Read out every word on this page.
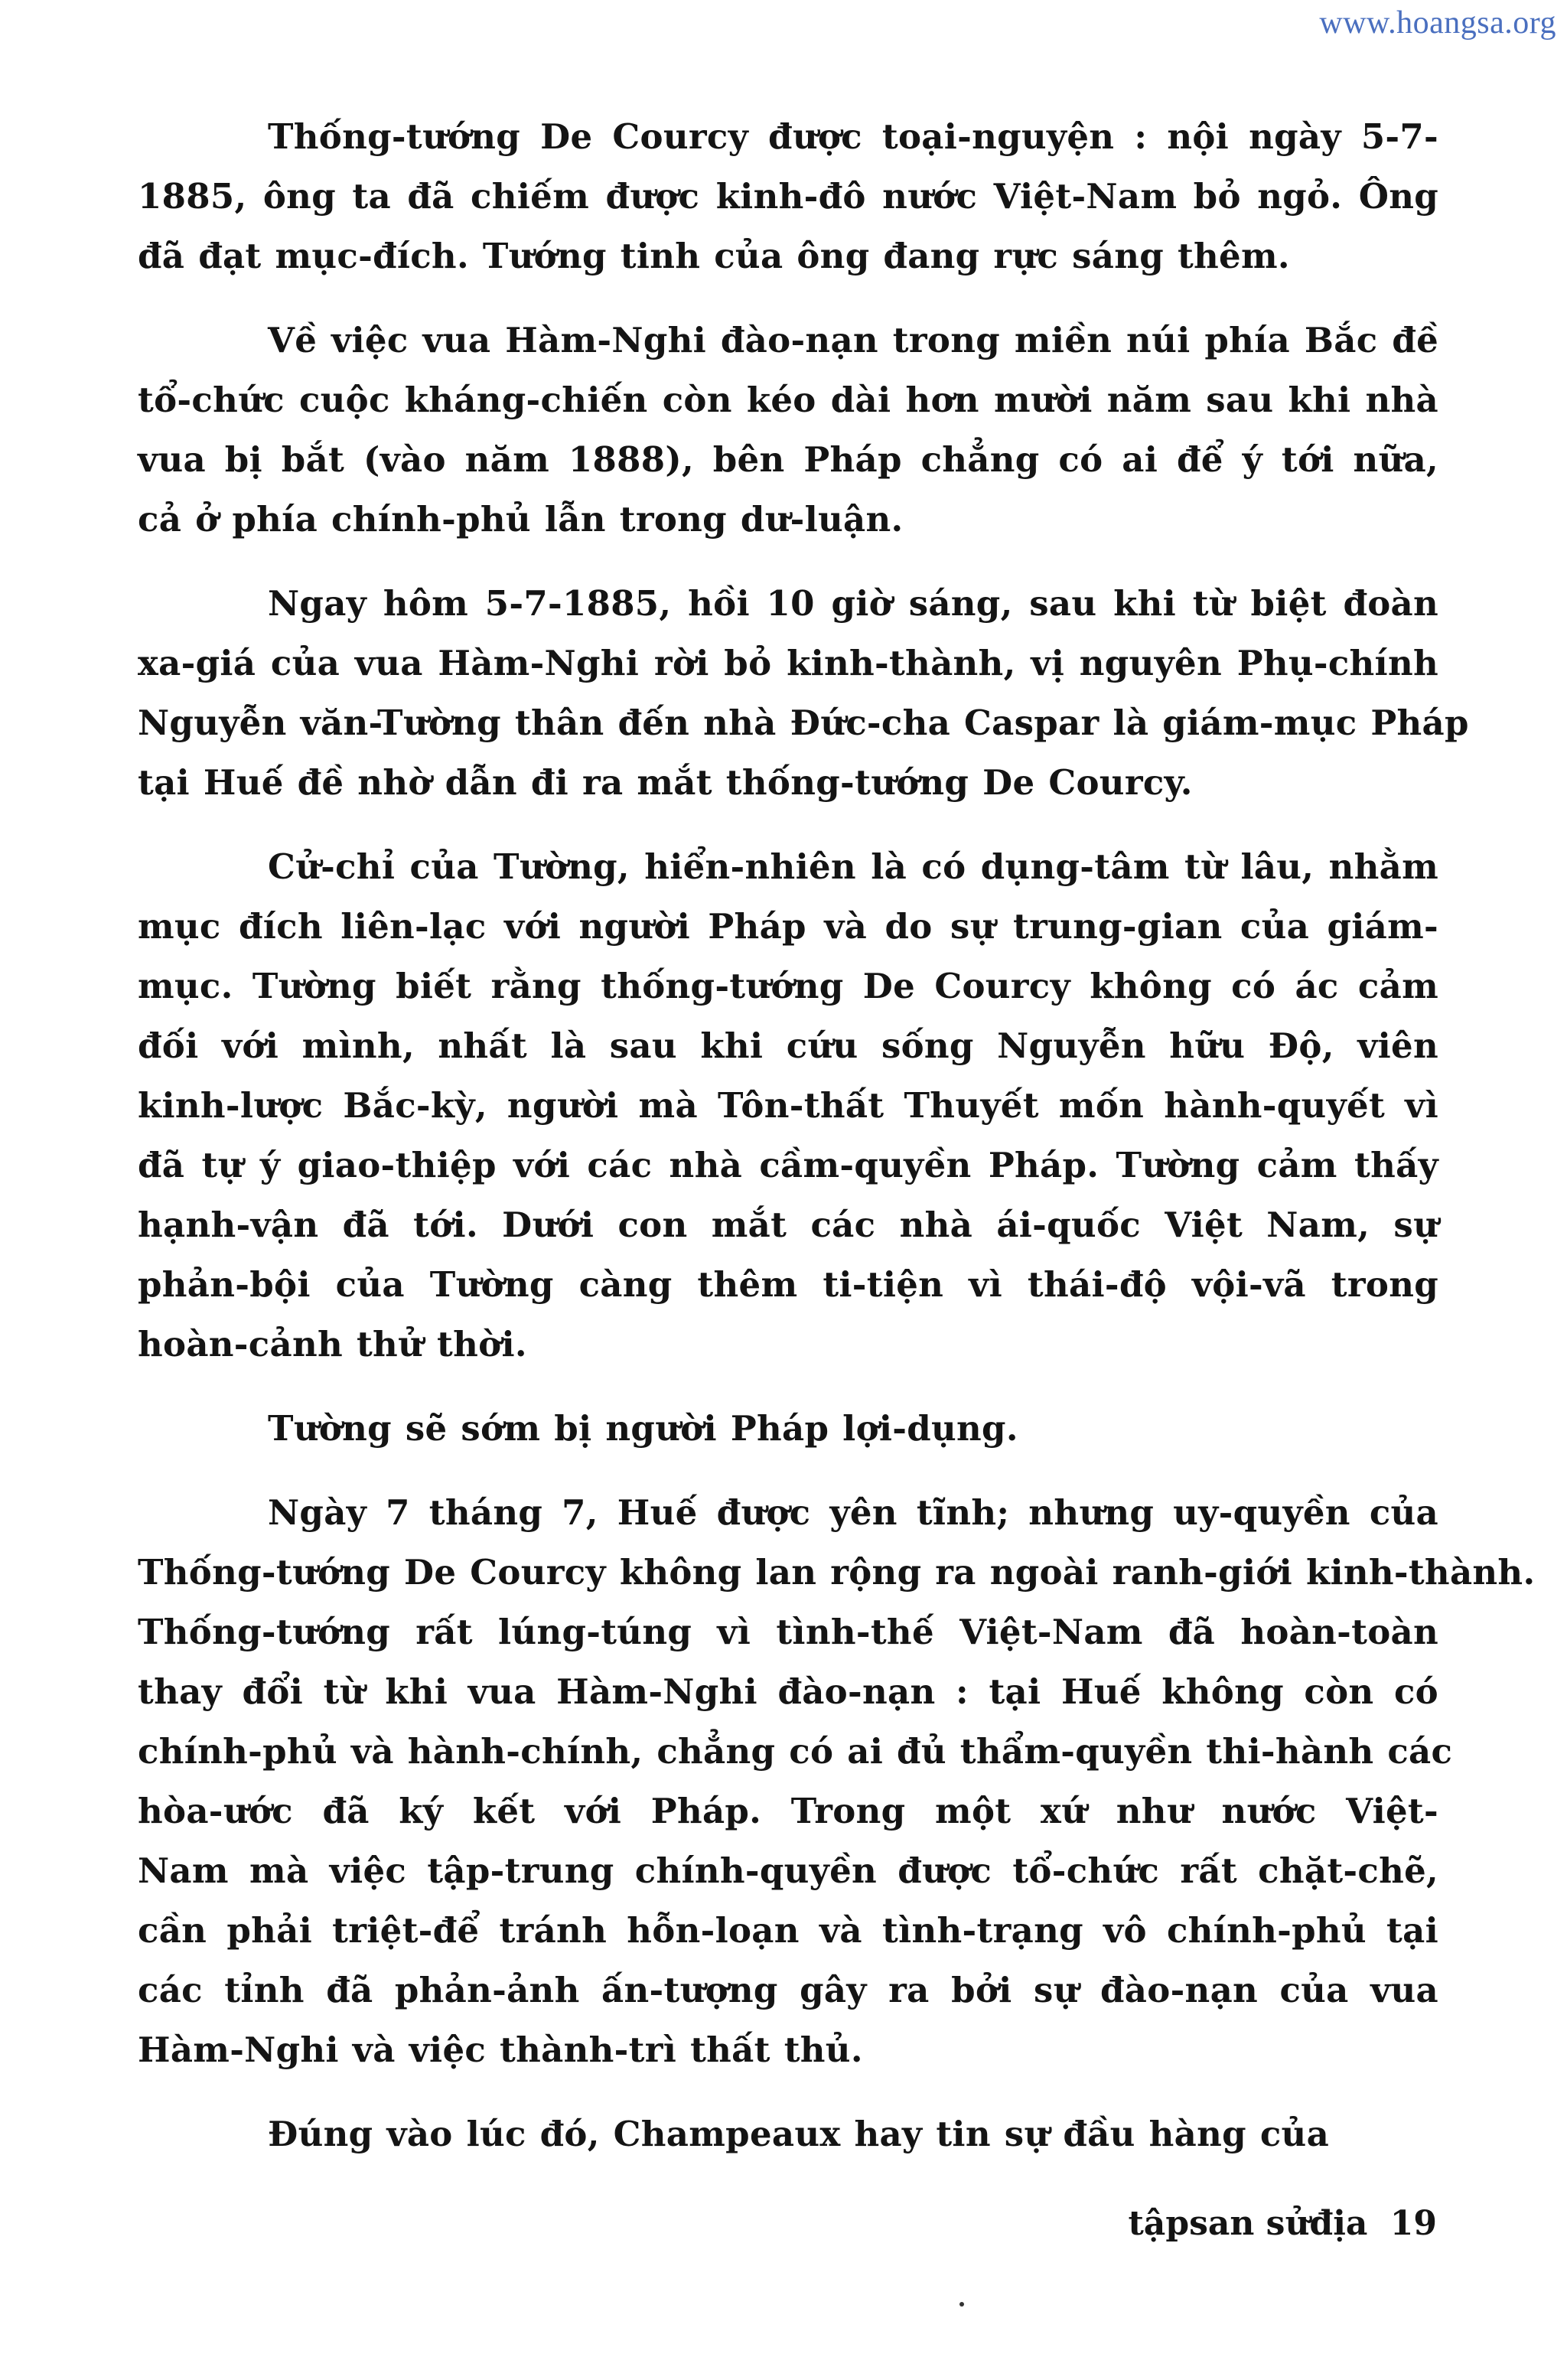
www.hoangsa.org
Thống-tướng De Courcy được toại-nguyện : nội ngày 5-7-
1885, ông ta đã chiếm được kinh-đô nước Việt-Nam bỏ ngỏ. Ông
đã đạt mục-đích. Tướng tinh của ông đang rực sáng thêm.
Về việc vua Hàm-Nghi đào-nạn trong miền núi phía Bắc đề
tổ-chức cuộc kháng-chiến còn kéo dài hơn mười năm sau khi nhà
vua bị bắt (vào năm 1888), bên Pháp chẳng có ai để ý tới nữa,
cả ở phía chính-phủ lẫn trong dư-luận.
Ngay hôm 5-7-1885, hồi 10 giờ sáng, sau khi từ biệt đoàn
xa-giá của vua Hàm-Nghi rời bỏ kinh-thành, vị nguyên Phụ-chính
Nguyễn văn-Tường thân đến nhà Đức-cha Caspar là giám-mục Pháp
tại Huế đề nhờ dẫn đi ra mắt thống-tướng De Courcy.
Cử-chỉ của Tường, hiển-nhiên là có dụng-tâm từ lâu, nhằm
mục đích liên-lạc với người Pháp và do sự trung-gian của giám-
mục. Tường biết rằng thống-tướng De Courcy không có ác cảm
đối với mình, nhất là sau khi cứu sống Nguyễn hữu Độ, viên
kinh-lược Bắc-kỳ, người mà Tôn-thất Thuyết mốn hành-quyết vì
đã tự ý giao-thiệp với các nhà cầm-quyền Pháp. Tường cảm thấy
hạnh-vận đã tới. Dưới con mắt các nhà ái-quốc Việt Nam, sự
phản-bội của Tường càng thêm ti-tiện vì thái-độ vội-vã trong
hoàn-cảnh thử thời.
Tường sẽ sớm bị người Pháp lợi-dụng.
Ngày 7 tháng 7, Huế được yên tĩnh; nhưng uy-quyền của
Thống-tướng De Courcy không lan rộng ra ngoài ranh-giới kinh-thành.
Thống-tướng rất lúng-túng vì tình-thế Việt-Nam đã hoàn-toàn
thay đổi từ khi vua Hàm-Nghi đào-nạn : tại Huế không còn có
chính-phủ và hành-chính, chẳng có ai đủ thẩm-quyền thi-hành các
hòa-ước đã ký kết với Pháp. Trong một xứ như nước Việt-
Nam mà việc tập-trung chính-quyền được tổ-chức rất chặt-chẽ,
cần phải triệt-để tránh hỗn-loạn và tình-trạng vô chính-phủ tại
các tỉnh đã phản-ảnh ấn-tượng gây ra bởi sự đào-nạn của vua
Hàm-Nghi và việc thành-trì thất thủ.
Đúng vào lúc đó, Champeaux hay tin sự đầu hàng của
tậpsan sửđịa 19
